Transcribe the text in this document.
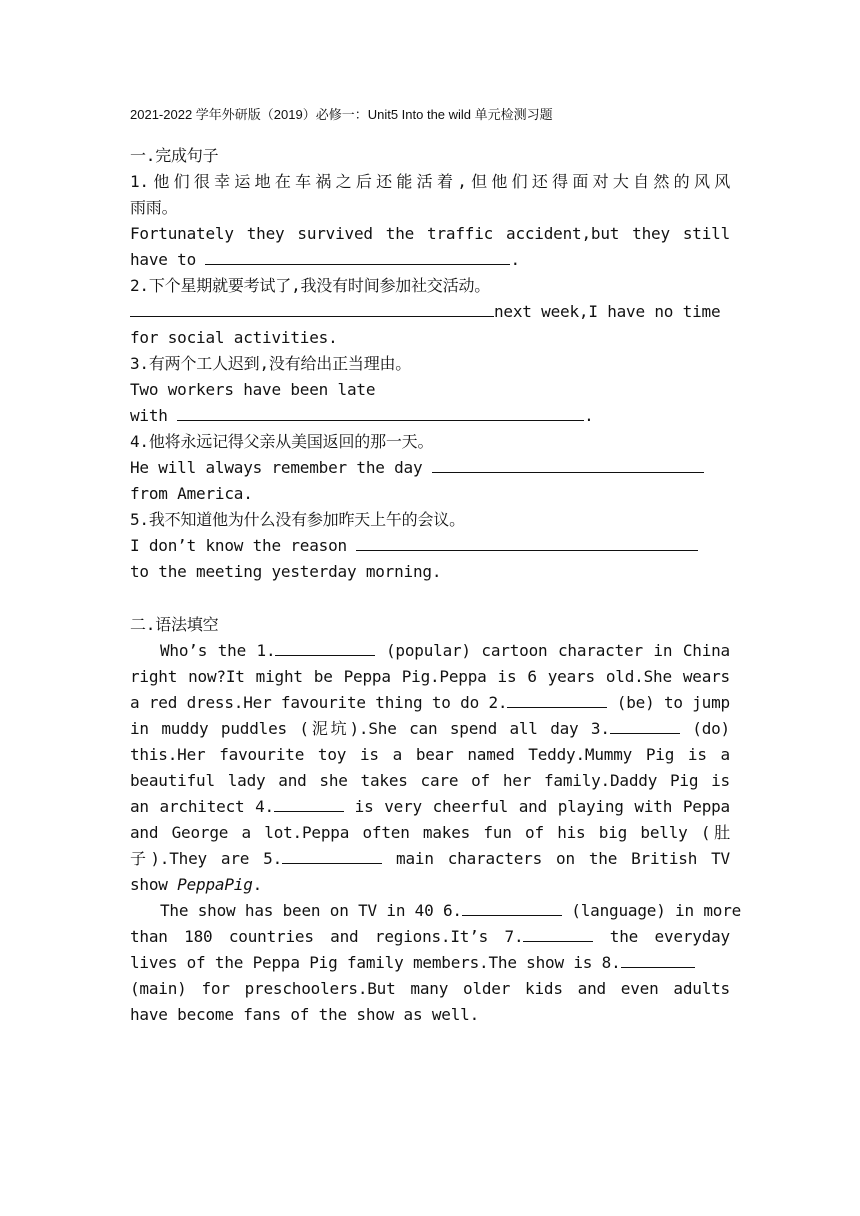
2021-2022 学年外研版（2019）必修一：Unit5 Into the wild 单元检测习题
一.完成句子
1.他们很幸运地在车祸之后还能活着,但他们还得面对大自然的风风
雨雨。
Fortunately they survived the traffic accident,but they still
have to	.
2.下个星期就要考试了,我没有时间参加社交活动。
next week,I have no time
for social activities.
3.有两个工人迟到,没有给出正当理由。
Two workers have been late
with	.
4.他将永远记得父亲从美国返回的那一天。
He will always remember the day
from America.
5.我不知道他为什么没有参加昨天上午的会议。
I don’t know the reason
to the meeting yesterday morning.
二.语法填空
Who’s the 1.	(popular) cartoon character in China
right now?It might be Peppa Pig.Peppa is 6 years old.She wears
a red dress.Her favourite thing to do 2.	(be) to jump
in muddy puddles (泥坑).She can spend all day 3.	(do)
this.Her favourite toy is a bear named Teddy.Mummy Pig is a
beautiful lady and she takes care of her family.Daddy Pig is
an architect 4.	is very cheerful and playing with Peppa
and George a lot.Peppa often makes fun of his big belly (肚
子).They are 5.	main characters on the British TV
show PeppaPig.
The show has been on TV in 40 6.	(language) in more
than 180 countries and regions.It’s 7.	the everyday
lives of the Peppa Pig family members.The show is 8.
(main) for preschoolers.But many older kids and even adults
have become fans of the show as well.
